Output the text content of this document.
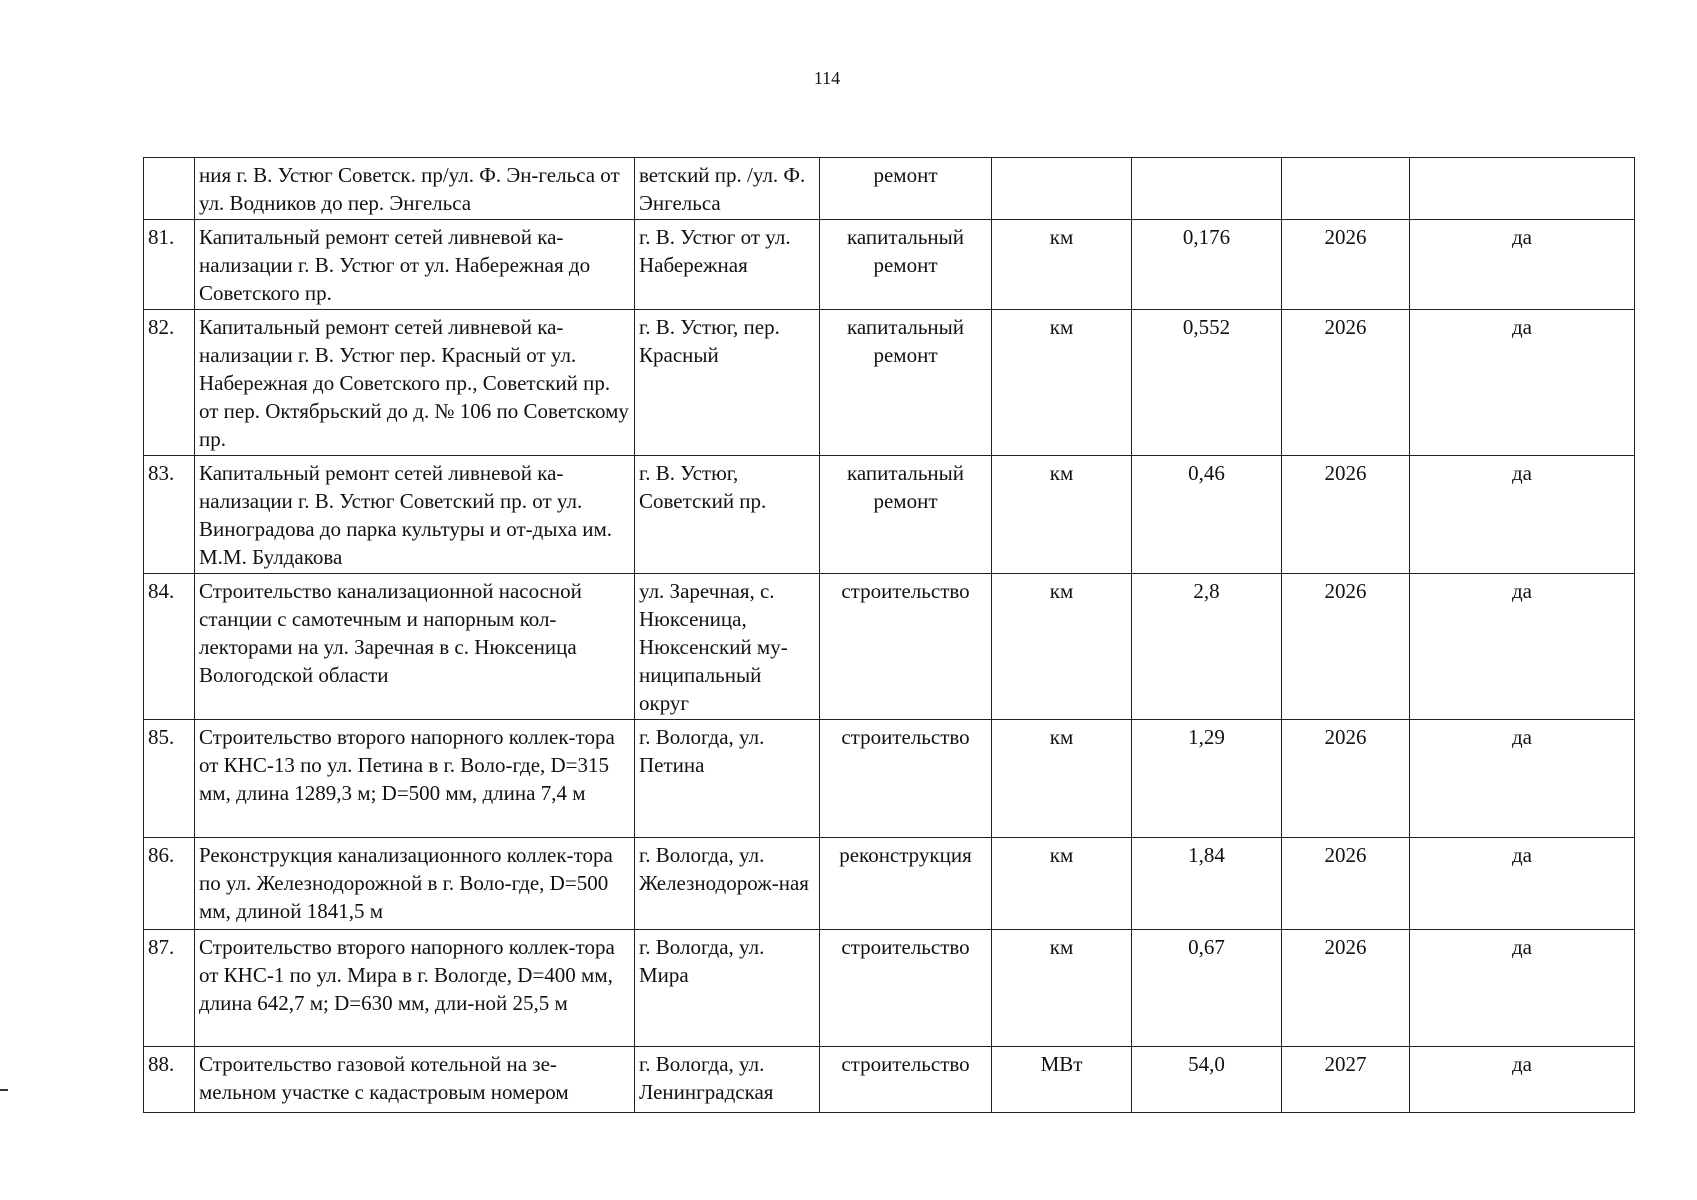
114
	ния г. В. Устюг Советск. пр/ул. Ф. Эн-гельса от ул. Водников до пер. Энгельса	ветский пр. /ул. Ф. Энгельса	ремонт				
81.	Капитальный ремонт сетей ливневой ка-нализации г. В. Устюг от ул. Набережная до Советского пр.	г. В. Устюг от ул. Набережная	капитальный ремонт	км	0,176	2026	да
82.	Капитальный ремонт сетей ливневой ка-нализации г. В. Устюг пер. Красный от ул. Набережная до Советского пр., Советский пр. от пер. Октябрьский до д. № 106 по Советскому пр.	г. В. Устюг, пер. Красный	капитальный ремонт	км	0,552	2026	да
83.	Капитальный ремонт сетей ливневой ка-нализации г. В. Устюг Советский пр. от ул. Виноградова до парка культуры и от-дыха им. М.М. Булдакова	г. В. Устюг, Советский пр.	капитальный ремонт	км	0,46	2026	да
84.	Строительство канализационной насосной станции с самотечным и напорным кол-лекторами на ул. Заречная в с. Нюксеница Вологодской области	ул. Заречная, с. Нюксеница, Нюксенский му-ниципальный округ	строительство	км	2,8	2026	да
85.	Строительство второго напорного коллек-тора от КНС-13 по ул. Петина в г. Воло-где, D=315 мм, длина 1289,3 м; D=500 мм, длина 7,4 м	г. Вологда, ул. Петина	строительство	км	1,29	2026	да
86.	Реконструкция канализационного коллек-тора по ул. Железнодорожной в г. Воло-где, D=500 мм, длиной 1841,5 м	г. Вологда, ул. Железнодорож-ная	реконструкция	км	1,84	2026	да
87.	Строительство второго напорного коллек-тора от КНС-1 по ул. Мира в г. Вологде, D=400 мм, длина 642,7 м; D=630 мм, дли-ной 25,5 м	г. Вологда, ул. Мира	строительство	км	0,67	2026	да
88.	Строительство газовой котельной на зе-мельном участке с кадастровым номером	г. Вологда, ул. Ленинградская	строительство	МВт	54,0	2027	да
